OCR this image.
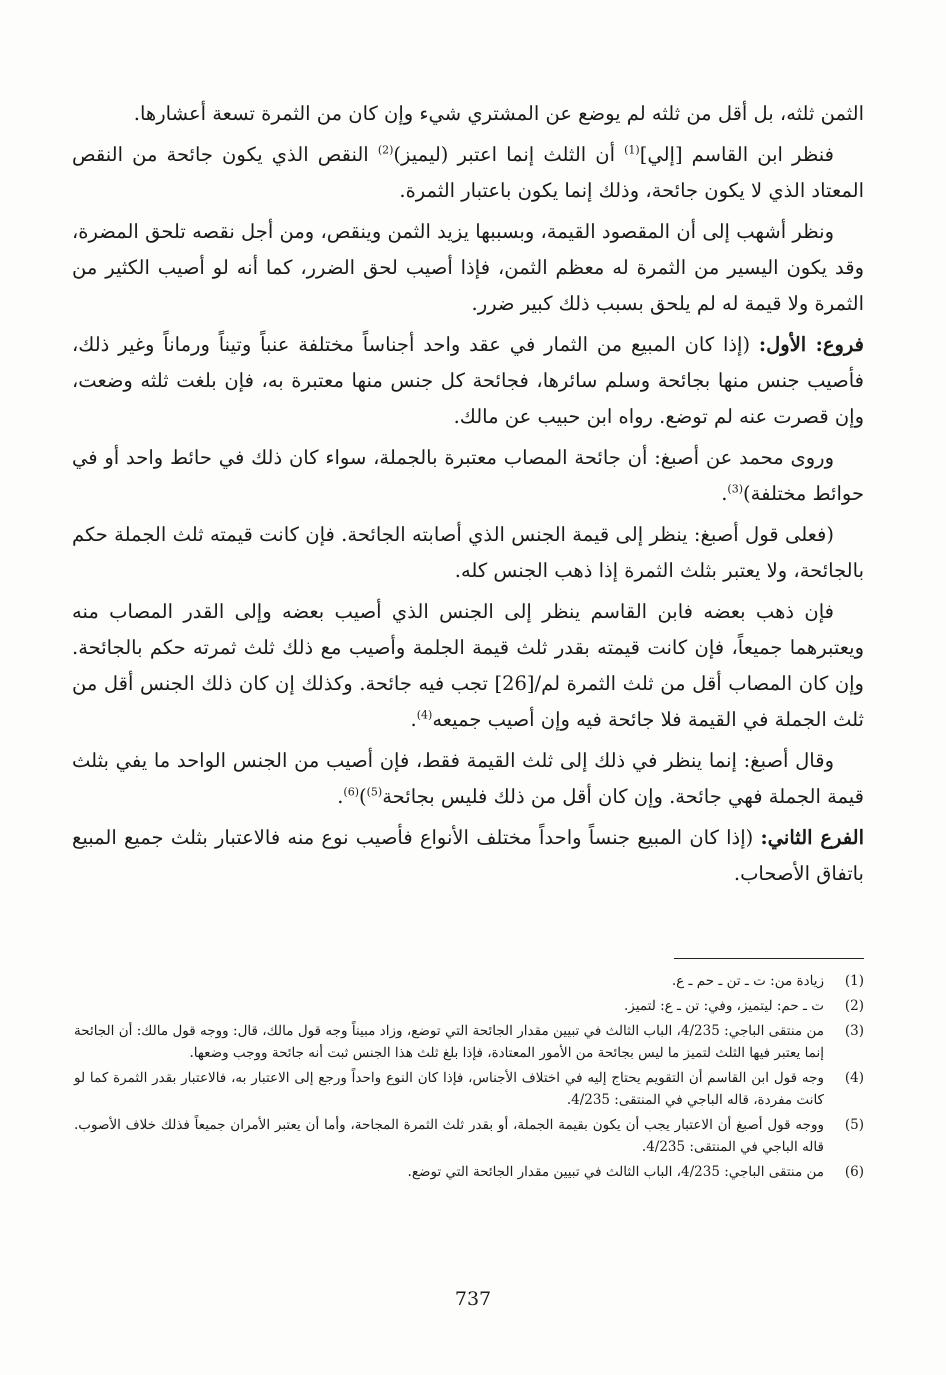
الثمن ثلثه، بل أقل من ثلثه لم يوضع عن المشتري شيء وإن كان من الثمرة تسعة أعشارها.

فنظر ابن القاسم [إلي]$^{(1)}$ أن الثلث إنما اعتبر (ليميز)$^{(2)}$ النقص الذي يكون جائحة من النقص المعتاد الذي لا يكون جائحة، وذلك إنما يكون باعتبار الثمرة.

ونظر أشهب إلى أن المقصود القيمة، وبسببها يزيد الثمن وينقص، ومن أجل نقصه تلحق المضرة، وقد يكون اليسير من الثمرة له معظم الثمن، فإذا أصيب لحق الضرر، كما أنه لو أصيب الكثير من الثمرة ولا قيمة له لم يلحق بسبب ذلك كبير ضرر.

فروع: الأول: (إذا كان المبيع من الثمار في عقد واحد أجناساً مختلفة عنباً وتيناً ورماناً وغير ذلك، فأصيب جنس منها بجائحة وسلم سائرها، فجائحة كل جنس منها معتبرة به، فإن بلغت ثلثه وضعت، وإن قصرت عنه لم توضع. رواه ابن حبيب عن مالك.

وروى محمد عن أصبغ: أن جائحة المصاب معتبرة بالجملة، سواء كان ذلك في حائط واحد أو في حوائط مختلفة)$^{(3)}$.

(فعلى قول أصبغ: ينظر إلى قيمة الجنس الذي أصابته الجائحة. فإن كانت قيمته ثلث الجملة حكم بالجائحة، ولا يعتبر بثلث الثمرة إذا ذهب الجنس كله.

فإن ذهب بعضه فابن القاسم ينظر إلى الجنس الذي أصيب بعضه وإلى القدر المصاب منه ويعتبرهما جميعاً، فإن كانت قيمته بقدر ثلث قيمة الجلمة وأصيب مع ذلك ثلث ثمرته حكم بالجائحة. وإن كان المصاب أقل من ثلث الثمرة لم/[26] تجب فيه جائحة. وكذلك إن كان ذلك الجنس أقل من ثلث الجملة في القيمة فلا جائحة فيه وإن أصيب جميعه$^{(4)}$.

وقال أصبغ: إنما ينظر في ذلك إلى ثلث القيمة فقط، فإن أصيب من الجنس الواحد ما يفي بثلث قيمة الجملة فهي جائحة. وإن كان أقل من ذلك فليس بجائحة$^{(5)}$)$^{(6)}$.

الفرع الثاني: (إذا كان المبيع جنساً واحداً مختلف الأنواع فأصيب نوع منه فالاعتبار بثلث جميع المبيع باتفاق الأصحاب.

(1)
زيادة من: ت ـ تن ـ حم ـ ع.
(2)
ت ـ حم: ليتميز، وفي: تن ـ ع: لتميز.
(3)
من منتقى الباجي: 4/235، الباب الثالث في تبيين مقدار الجائحة التي توضع، وزاد مبيناً وجه قول مالك، قال: ووجه قول مالك: أن الجائحة إنما يعتبر فيها الثلث لتميز ما ليس بجائحة من الأمور المعتادة، فإذا بلغ ثلث هذا الجنس ثبت أنه جائحة ووجب وضعها.
(4)
وجه قول ابن القاسم أن التقويم يحتاج إليه في اختلاف الأجناس، فإذا كان النوع واحداً ورجع إلى الاعتبار به، فالاعتبار بقدر الثمرة كما لو كانت مفردة، قاله الباجي في المنتقى: 4/235.
(5)
ووجه قول أصبغ أن الاعتبار يجب أن يكون بقيمة الجملة، أو بقدر ثلث الثمرة المجاحة، وأما أن يعتبر الأمران جميعاً فذلك خلاف الأصوب. قاله الباجي في المنتقى: 4/235.
(6)
من منتقى الباجي: 4/235، الباب الثالث في تبيين مقدار الجائحة التي توضع.
737
